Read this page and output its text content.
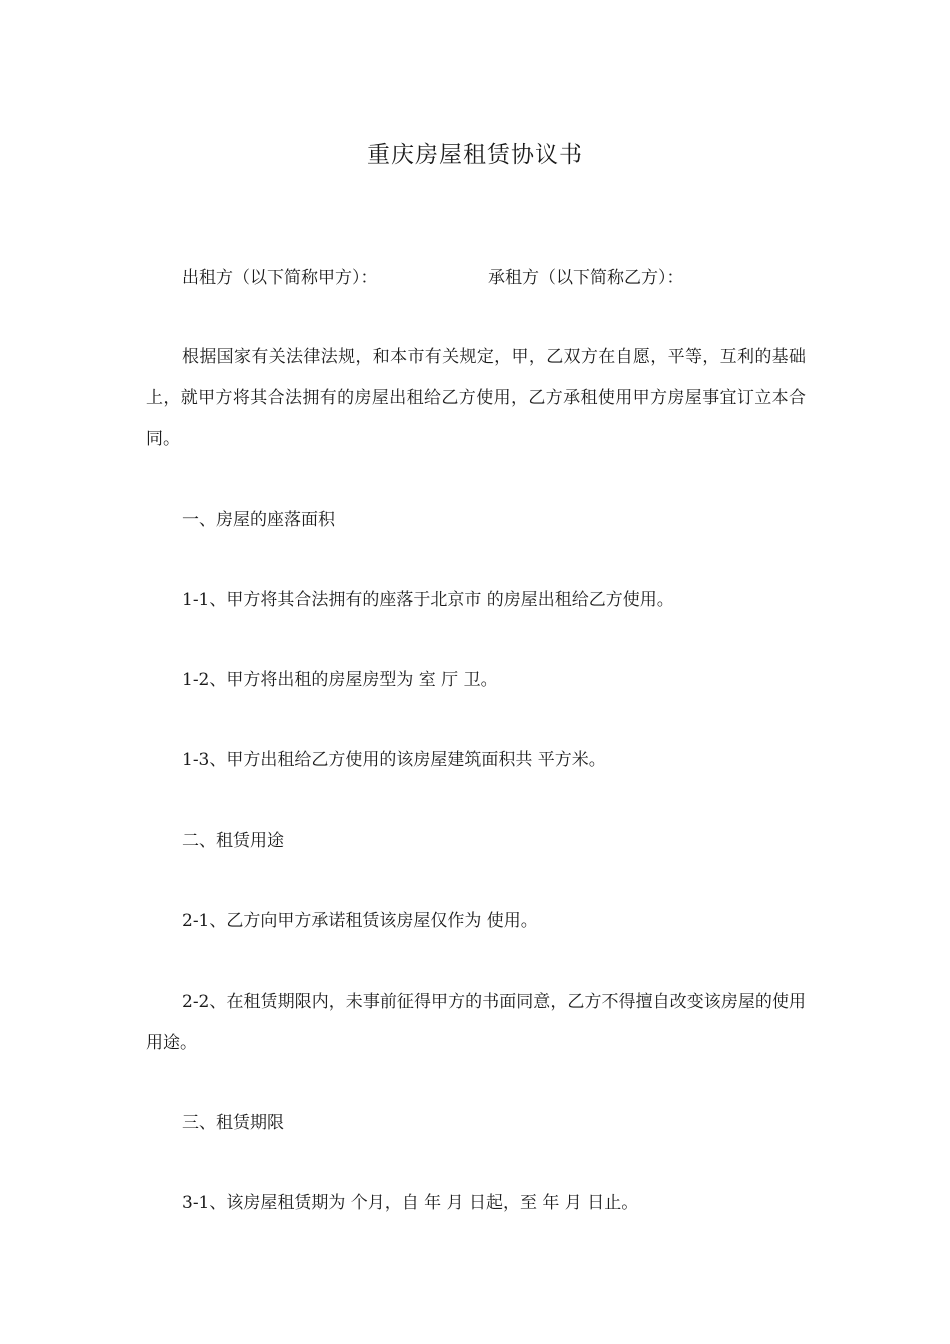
重庆房屋租赁协议书
出租方（以下简称甲方）：	承租方（以下简称乙方）：

根据国家有关法律法规，和本市有关规定，甲，乙双方在自愿，平等，互利的基础上，就甲方将其合法拥有的房屋出租给乙方使用，乙方承租使用甲方房屋事宜订立本合同。

一、房屋的座落面积
1-1、甲方将其合法拥有的座落于北京市 的房屋出租给乙方使用。
1-2、甲方将出租的房屋房型为 室 厅 卫。
1-3、甲方出租给乙方使用的该房屋建筑面积共 平方米。
二、租赁用途
2-1、乙方向甲方承诺租赁该房屋仅作为 使用。

2-2、在租赁期限内，未事前征得甲方的书面同意，乙方不得擅自改变该房屋的使用用途。

三、租赁期限
3-1、该房屋租赁期为 个月，自 年 月 日起，至 年 月 日止。
